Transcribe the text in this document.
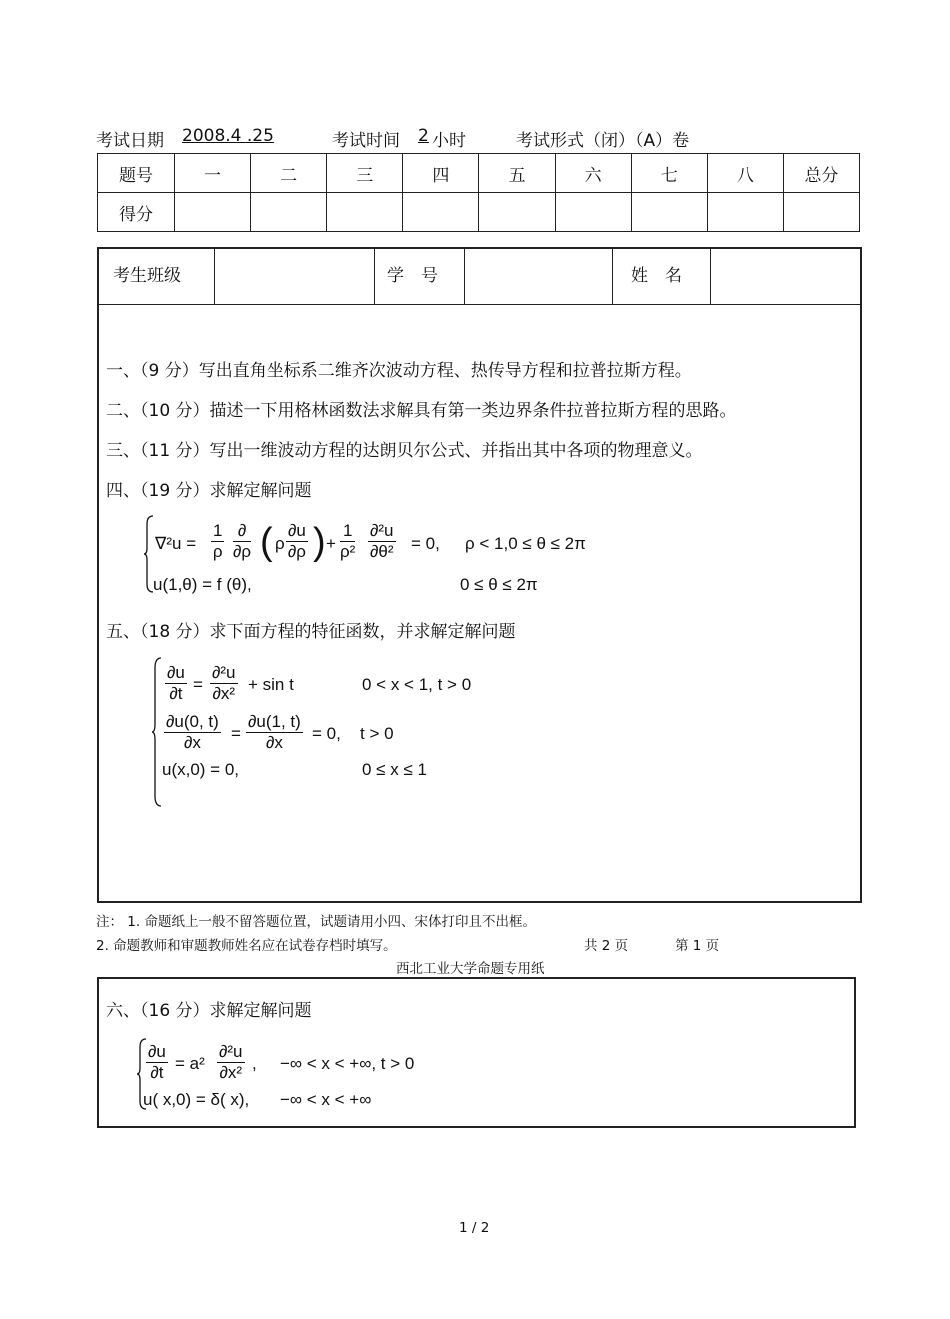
考试日期 2008.4 .25	考试时间 2 小时	考试形式（闭）（A）卷
题号	一	二	三	四	五	六	七	八	总分
得分									
考生班级	学　号	姓　名
一、（9 分）写出直角坐标系二维齐次波动方程、热传导方程和拉普拉斯方程。
二、（10 分）描述一下用格林函数法求解具有第一类边界条件拉普拉斯方程的思路。
三、（11 分）写出一维波动方程的达朗贝尔公式、并指出其中各项的物理意义。
四、（19 分）求解定解问题
∇²u =
1
ρ
∂
∂ρ ( ρ
∂u
∂ρ ) +
1
ρ²
∂²u
∂θ² = 0, ρ < 1,0 ≤ θ ≤ 2π
u(1,θ) = f (θ),	0 ≤ θ ≤ 2π
五、（18 分）求下面方程的特征函数，并求解定解问题
∂u
∂t =
∂²u
∂x² + sin t	0 < x < 1, t > 0
∂u(0, t)
∂x	=
∂u(1, t)
∂x	= 0, t > 0
u(x,0) = 0,	0 ≤ x ≤ 1
注： 1. 命题纸上一般不留答题位置，试题请用小四、宋体打印且不出框。
2. 命题教师和审题教师姓名应在试卷存档时填写。	共 2 页	第 1 页
西北工业大学命题专用纸
六、（16 分）求解定解问题
∂u
∂t = a²
∂²u
∂x² , −∞ < x < +∞, t > 0
u( x,0) = δ( x), −∞ < x < +∞
1 / 2
